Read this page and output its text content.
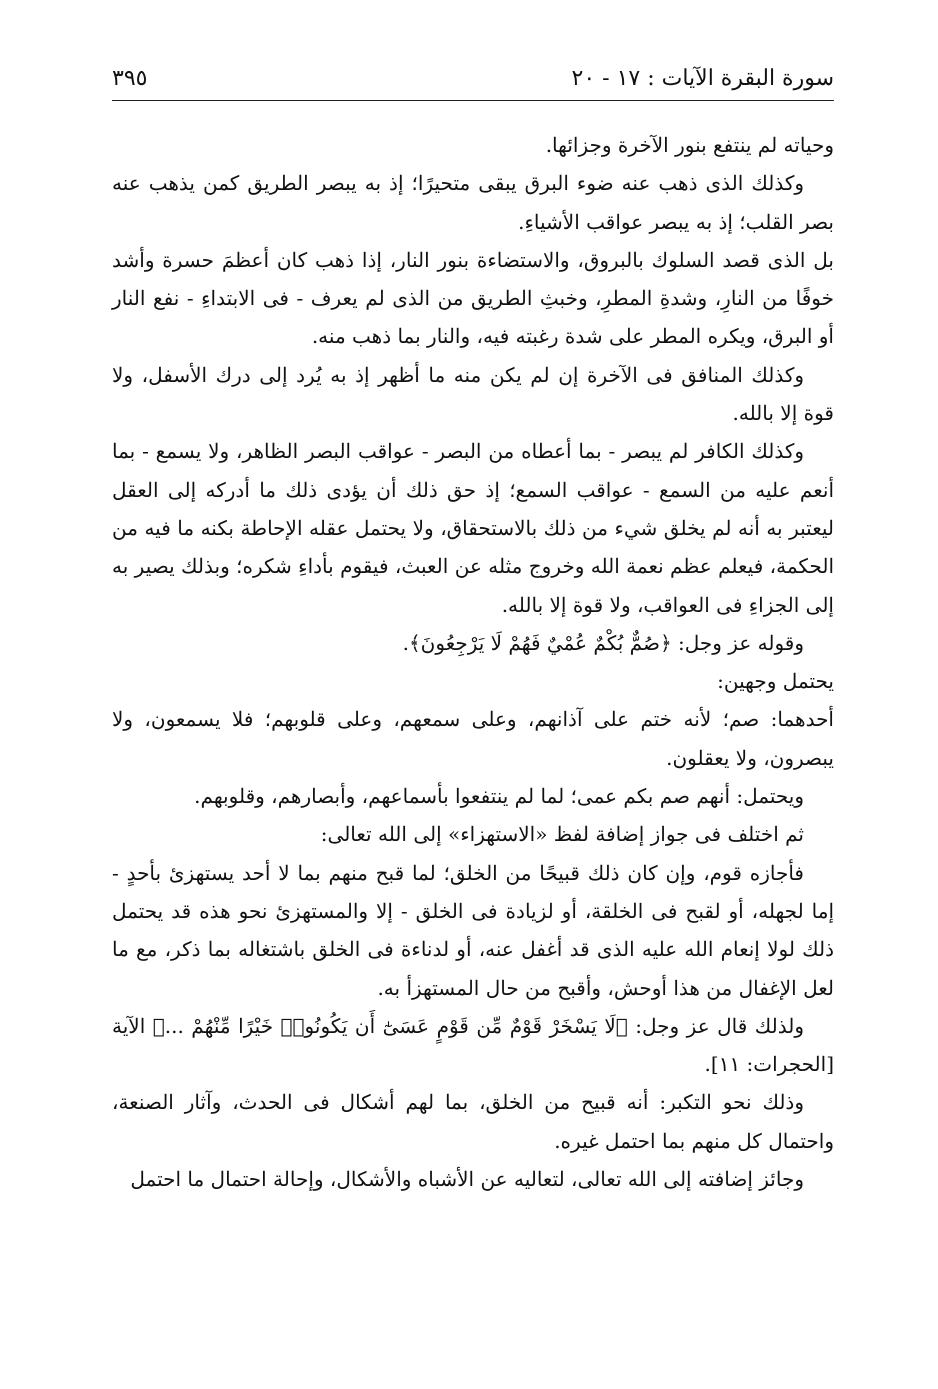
سورة البقرة الآيات : ١٧ - ٢٠
٣٩٥

وحياته لم ينتفع بنور الآخرة وجزائها.

وكذلك الذى ذهب عنه ضوء البرق يبقى متحيرًا؛ إذ به يبصر الطريق كمن يذهب عنه بصر القلب؛ إذ به يبصر عواقب الأشياءِ.

بل الذى قصد السلوك بالبروق، والاستضاءة بنور النار، إذا ذهب كان أعظمَ حسرة وأشد خوفًا من النارِ، وشدةِ المطرِ، وخبثِ الطريق من الذى لم يعرف - فى الابتداءِ - نفع النار أو البرق، ويكره المطر على شدة رغبته فيه، والنار بما ذهب منه.

وكذلك المنافق فى الآخرة إن لم يكن منه ما أظهر إذ به يُرد إلى درك الأسفل، ولا قوة إلا بالله.

وكذلك الكافر لم يبصر - بما أعطاه من البصر - عواقب البصر الظاهر، ولا يسمع - بما أنعم عليه من السمع - عواقب السمع؛ إذ حق ذلك أن يؤدى ذلك ما أدركه إلى العقل ليعتبر به أنه لم يخلق شيء من ذلك بالاستحقاق، ولا يحتمل عقله الإحاطة بكنه ما فيه من الحكمة، فيعلم عظم نعمة الله وخروج مثله عن العبث، فيقوم بأداءِ شكره؛ وبذلك يصير به إلى الجزاءِ فى العواقب، ولا قوة إلا بالله.

وقوله عز وجل: ﴿صُمٌّ بُكْمٌ عُمْيٌ فَهُمْ لَا يَرْجِعُونَ﴾.

يحتمل وجهين:

أحدهما: صم؛ لأنه ختم على آذانهم، وعلى سمعهم، وعلى قلوبهم؛ فلا يسمعون، ولا يبصرون، ولا يعقلون.

ويحتمل: أنهم صم بكم عمى؛ لما لم ينتفعوا بأسماعهم، وأبصارهم، وقلوبهم.

ثم اختلف فى جواز إضافة لفظ «الاستهزاء» إلى الله تعالى:

فأجازه قوم، وإن كان ذلك قبيحًا من الخلق؛ لما قبح منهم بما لا أحد يستهزئ بأحدٍ - إما لجهله، أو لقبح فى الخلقة، أو لزيادة فى الخلق - إلا والمستهزئ نحو هذه قد يحتمل ذلك لولا إنعام الله عليه الذى قد أغفل عنه، أو لدناءة فى الخلق باشتغاله بما ذكر، مع ما لعل الإغفال من هذا أوحش، وأقبح من حال المستهزأ به.

ولذلك قال عز وجل: ﴿لَا يَسْخَرْ قَوْمٌ مِّن قَوْمٍ عَسَىٰٓ أَن يَكُونُوا۟ خَيْرًا مِّنْهُمْ ...﴾ الآية [الحجرات: ١١].

وذلك نحو التكبر: أنه قبيح من الخلق، بما لهم أشكال فى الحدث، وآثار الصنعة، واحتمال كل منهم بما احتمل غيره.

وجائز إضافته إلى الله تعالى، لتعاليه عن الأشباه والأشكال، وإحالة احتمال ما احتمل
